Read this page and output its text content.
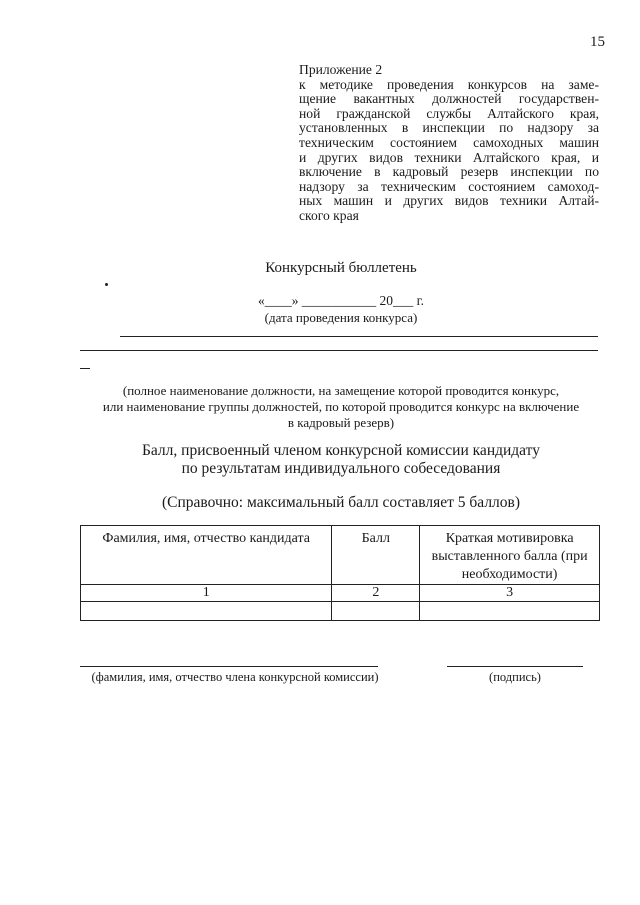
15
Приложение 2
к методике проведения конкурсов на заме-
щение вакантных должностей государствен-
ной гражданской службы Алтайского края,
установленных в инспекции по надзору за
техническим состоянием самоходных машин
и других видов техники Алтайского края, и
включение в кадровый резерв инспекции по
надзору за техническим состоянием самоход-
ных машин и других видов техники Алтай-
ского края
Конкурсный бюллетень
«____» ___________ 20___ г.
(дата проведения конкурса)
(полное наименование должности, на замещение которой проводится конкурс,
или наименование группы должностей, по которой проводится конкурс на включение
в кадровый резерв)
Балл, присвоенный членом конкурсной комиссии кандидату
по результатам индивидуального собеседования
(Справочно: максимальный балл составляет 5 баллов)
Фамилия, имя, отчество кандидата	Балл	Краткая мотивировка выставленного балла (при необходимости)
1	2	3

(фамилия, имя, отчество члена конкурсной комиссии)	(подпись)
